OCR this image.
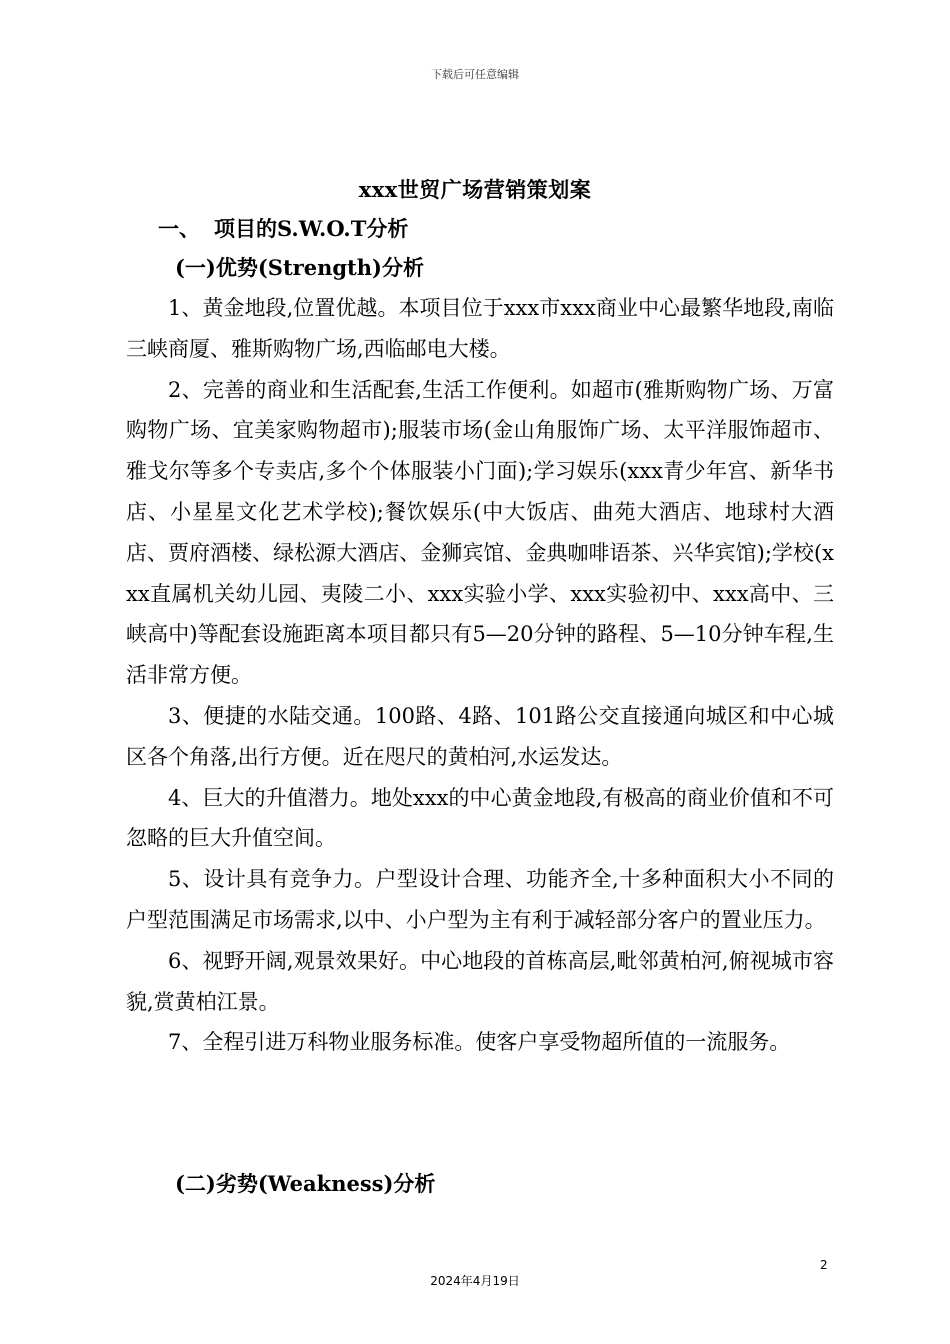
下载后可任意编辑
xxx世贸广场营销策划案
一、 项目的S.W.O.T分析
(一)优势(Strength)分析

1、黄金地段,位置优越。本项目位于xxx市xxx商业中心最繁华地段,南临三峡商厦、雅斯购物广场,西临邮电大楼。

2、完善的商业和生活配套,生活工作便利。如超市(雅斯购物广场、万富购物广场、宜美家购物超市);服装市场(金山角服饰广场、太平洋服饰超市、雅戈尔等多个专卖店,多个个体服装小门面);学习娱乐(xxx青少年宫、新华书店、小星星文化艺术学校);餐饮娱乐(中大饭店、曲苑大酒店、地球村大酒店、贾府酒楼、绿松源大酒店、金狮宾馆、金典咖啡语茶、兴华宾馆);学校(xxx直属机关幼儿园、夷陵二小、xxx实验小学、xxx实验初中、xxx高中、三峡高中)等配套设施距离本项目都只有5—20分钟的路程、5—10分钟车程,生活非常方便。

3、便捷的水陆交通。100路、4路、101路公交直接通向城区和中心城区各个角落,出行方便。近在咫尺的黄柏河,水运发达。

4、巨大的升值潜力。地处xxx的中心黄金地段,有极高的商业价值和不可忽略的巨大升值空间。

5、设计具有竞争力。户型设计合理、功能齐全,十多种面积大小不同的户型范围满足市场需求,以中、小户型为主有利于减轻部分客户的置业压力。

6、视野开阔,观景效果好。中心地段的首栋高层,毗邻黄柏河,俯视城市容貌,赏黄柏江景。

7、全程引进万科物业服务标准。使客户享受物超所值的一流服务。

(二)劣势(Weakness)分析
2
2024年4月19日
